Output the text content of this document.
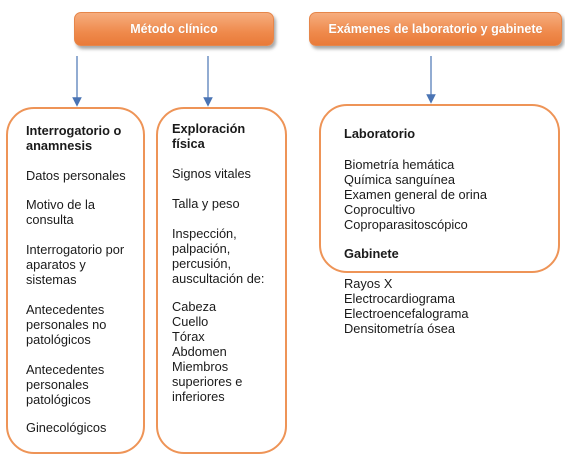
Método clínico	Exámenes de laboratorio y gabinete
Interrogatorio o
anamnesis
Datos personales
Motivo de la
consulta
Interrogatorio por
aparatos y
sistemas
Antecedentes
personales no
patológicos
Antecedentes
personales
patológicos
Ginecológicos
Exploración
física
Signos vitales
Talla y peso
Inspección,
palpación,
percusión,
auscultación de:
Cabeza
Cuello
Tórax
Abdomen
Miembros
superiores e
inferiores
Laboratorio
Biometría hemática
Química sanguínea
Examen general de orina
Coprocultivo
Coproparasitoscópico
Gabinete
Rayos X
Electrocardiograma
Electroencefalograma
Densitometría ósea
